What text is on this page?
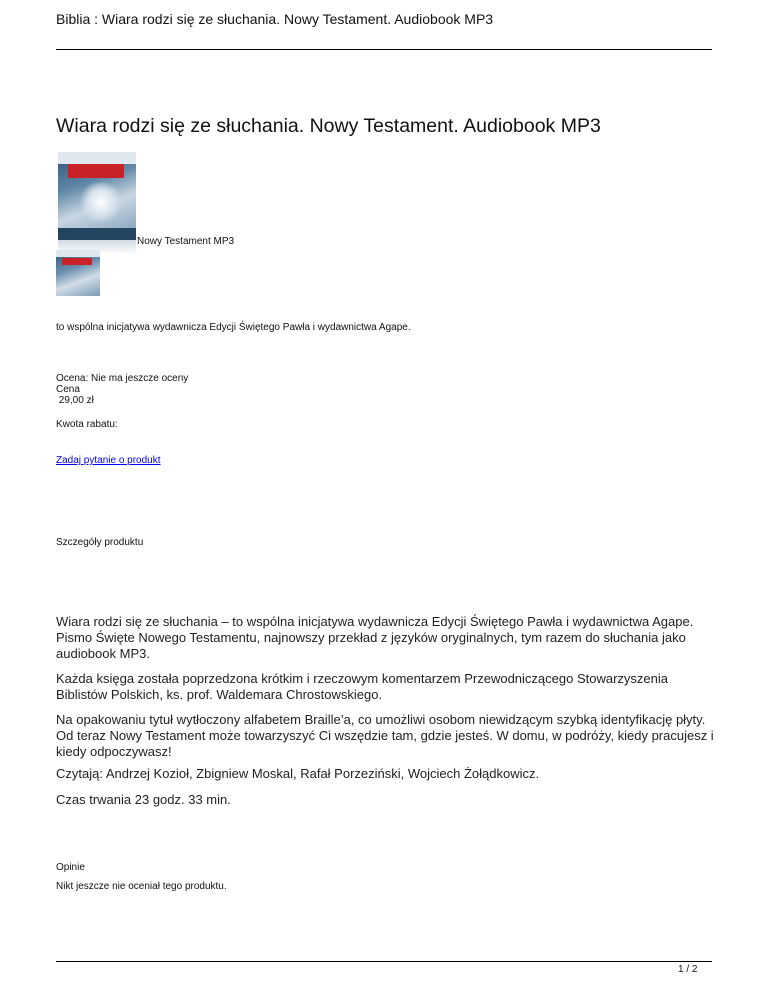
Biblia : Wiara rodzi się ze słuchania. Nowy Testament. Audiobook MP3
Wiara rodzi się ze słuchania. Nowy Testament. Audiobook MP3
Nowy Testament MP3
to wspólna inicjatywa wydawnicza Edycji Świętego Pawła i wydawnictwa Agape.
Ocena: Nie ma jeszcze oceny
Cena
29,00 zł
Kwota rabatu:
Zadaj pytanie o produkt
Szczegóły produktu

Wiara rodzi się ze słuchania – to wspólna inicjatywa wydawnicza Edycji Świętego Pawła i wydawnictwa Agape. Pismo Święte Nowego Testamentu, najnowszy przekład z języków oryginalnych, tym razem do słuchania jako audiobook MP3.

Każda księga została poprzedzona krótkim i rzeczowym komentarzem Przewodniczącego Stowarzyszenia Biblistów Polskich, ks. prof. Waldemara Chrostowskiego.

Na opakowaniu tytuł wytłoczony alfabetem Braille’a, co umożliwi osobom niewidzącym szybką identyfikację płyty. Od teraz Nowy Testament może towarzyszyć Ci wszędzie tam, gdzie jesteś. W domu, w podróży, kiedy pracujesz i kiedy odpoczywasz!

Czytają: Andrzej Kozioł, Zbigniew Moskal, Rafał Porzeziński, Wojciech Żołądkowicz.

Czas trwania 23 godz. 33 min.

Opinie
Nikt jeszcze nie oceniał tego produktu.
1 / 2
